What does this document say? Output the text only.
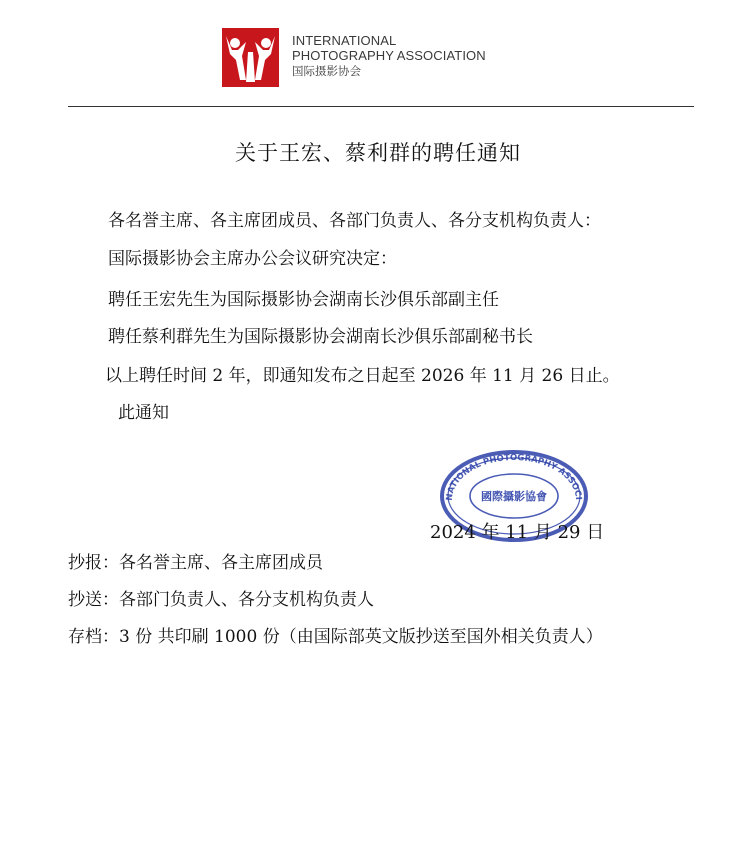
INTERNATIONAL
PHOTOGRAPHY ASSOCIATION
国际摄影协会
关于王宏、蔡利群的聘任通知
各名誉主席、各主席团成员、各部门负责人、各分支机构负责人：
国际摄影协会主席办公会议研究决定：
聘任王宏先生为国际摄影协会湖南长沙俱乐部副主任
聘任蔡利群先生为国际摄影协会湖南长沙俱乐部副秘书长
以上聘任时间 2 年，即通知发布之日起至 2026 年 11 月 26 日止。
此通知
NATIONAL PHOTOGRAPHY ASSOCI
國際攝影協會
2024 年 11 月 29 日
抄报：各名誉主席、各主席团成员
抄送：各部门负责人、各分支机构负责人
存档：3 份 共印刷 1000 份（由国际部英文版抄送至国外相关负责人）
